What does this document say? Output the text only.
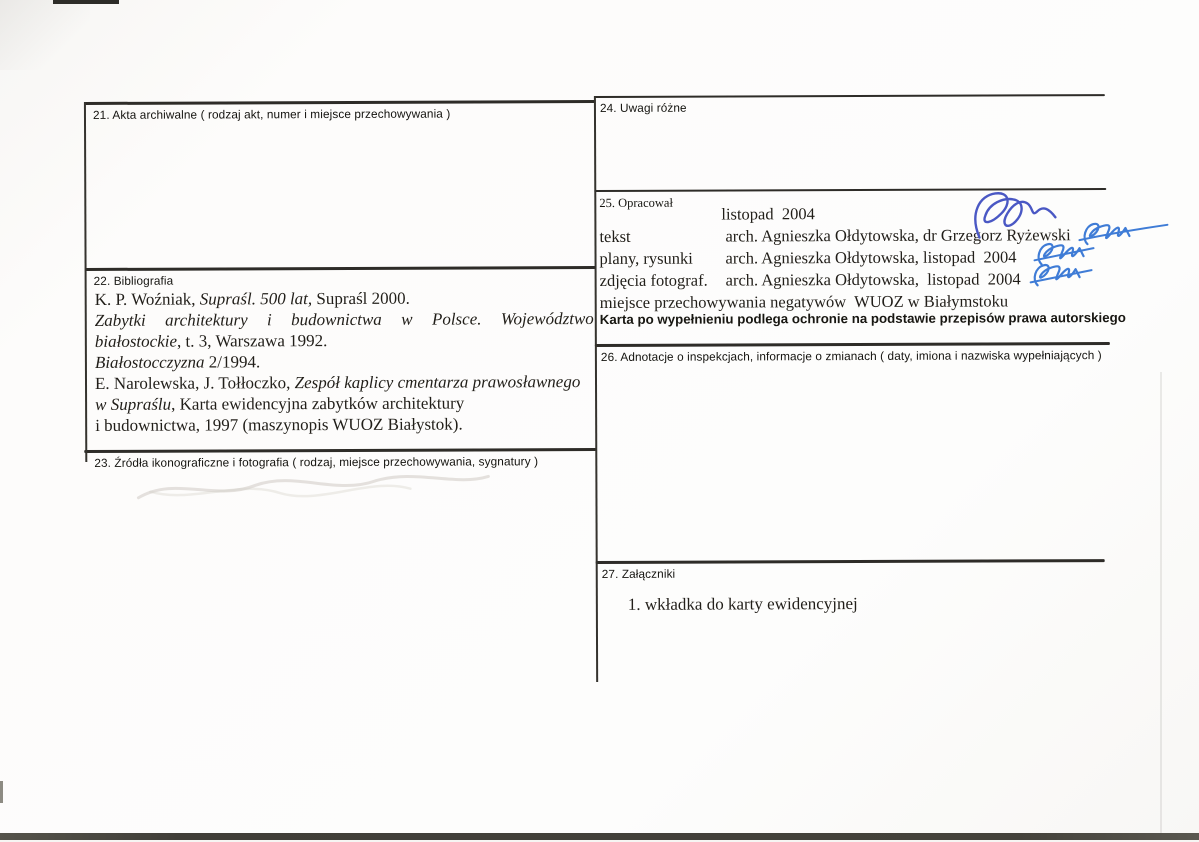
21. Akta archiwalne ( rodzaj akt, numer i miejsce przechowywania )
22. Bibliografia
23. Źródła ikonograficzne i fotografia ( rodzaj, miejsce przechowywania, sygnatury )
24. Uwagi różne
25. Opracował
26. Adnotacje o inspekcjach, informacje o zmianach ( daty, imiona i nazwiska wypełniających )
27. Załączniki
K. P. Woźniak, Supraśl. 500 lat, Supraśl 2000.
Zabytki architektury i budownictwa w Polsce. Województwo
białostockie, t. 3, Warszawa 1992.
Białostocczyzna 2/1994.
E. Narolewska, J. Tołłoczko, Zespół kaplicy cmentarza prawosławnego
w Supraślu, Karta ewidencyjna zabytków architektury
i budownictwa, 1997 (maszynopis WUOZ Białystok).
listopad  2004
tekst	arch. Agnieszka Ołdytowska, dr Grzegorz Ryżewski
plany, rysunki	arch. Agnieszka Ołdytowska, listopad  2004
zdjęcia fotograf.	arch. Agnieszka Ołdytowska,  listopad  2004
miejsce przechowywania negatywów  WUOZ w Białymstoku
Karta po wypełnieniu podlega ochronie na podstawie przepisów prawa autorskiego
1. wkładka do karty ewidencyjnej
